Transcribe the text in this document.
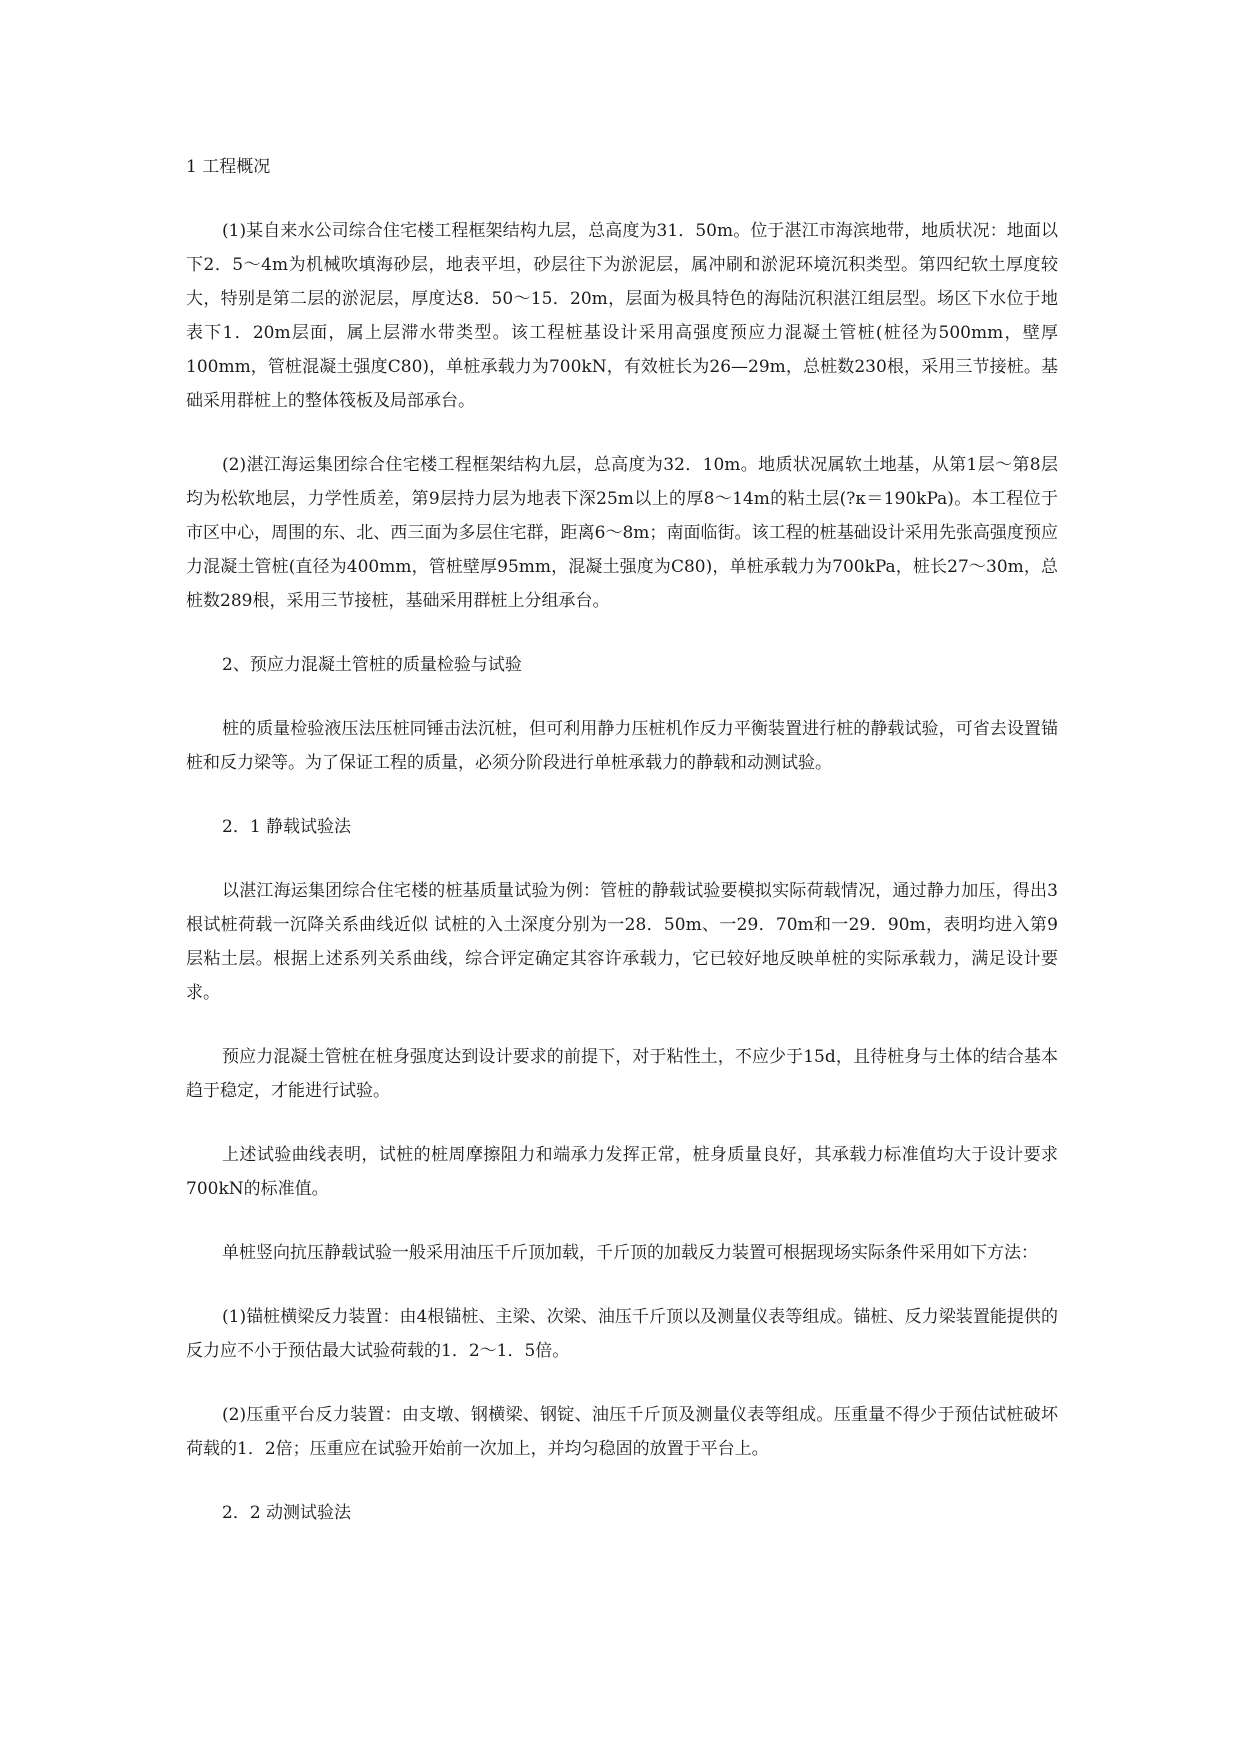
1 工程概况

(1)某自来水公司综合住宅楼工程框架结构九层，总高度为31．50m。位于湛江市海滨地带，地质状况：地面以下2．5～4m为机械吹填海砂层，地表平坦，砂层往下为淤泥层，属冲刷和淤泥环境沉积类型。第四纪软土厚度较大，特别是第二层的淤泥层，厚度达8．50～15．20m，层面为极具特色的海陆沉积湛江组层型。场区下水位于地表下1．20m层面，属上层滞水带类型。该工程桩基设计采用高强度预应力混凝土管桩(桩径为500mm，壁厚100mm，管桩混凝土强度C80)，单桩承载力为700kN，有效桩长为26—29m，总桩数230根，采用三节接桩。基础采用群桩上的整体筏板及局部承台。

(2)湛江海运集团综合住宅楼工程框架结构九层，总高度为32．10m。地质状况属软土地基，从第1层～第8层均为松软地层，力学性质差，第9层持力层为地表下深25m以上的厚8～14m的粘土层(?κ＝190kPa)。本工程位于市区中心，周围的东、北、西三面为多层住宅群，距离6～8m；南面临街。该工程的桩基础设计采用先张高强度预应力混凝土管桩(直径为400mm，管桩壁厚95mm，混凝土强度为C80)，单桩承载力为700kPa，桩长27～30m，总桩数289根，采用三节接桩，基础采用群桩上分组承台。

2、预应力混凝土管桩的质量检验与试验

桩的质量检验液压法压桩同锤击法沉桩，但可利用静力压桩机作反力平衡装置进行桩的静载试验，可省去设置锚桩和反力梁等。为了保证工程的质量，必须分阶段进行单桩承载力的静载和动测试验。

2．1 静载试验法

以湛江海运集团综合住宅楼的桩基质量试验为例：管桩的静载试验要模拟实际荷载情况，通过静力加压，得出3根试桩荷载一沉降关系曲线近似 试桩的入土深度分别为一28．50m、一29．70m和一29．90m，表明均进入第9层粘土层。根据上述系列关系曲线，综合评定确定其容许承载力，它已较好地反映单桩的实际承载力，满足设计要求。

预应力混凝土管桩在桩身强度达到设计要求的前提下，对于粘性土，不应少于15d，且待桩身与土体的结合基本趋于稳定，才能进行试验。

上述试验曲线表明，试桩的桩周摩擦阻力和端承力发挥正常，桩身质量良好，其承载力标准值均大于设计要求700kN的标准值。

单桩竖向抗压静载试验一般采用油压千斤顶加载，千斤顶的加载反力装置可根据现场实际条件采用如下方法：

(1)锚桩横梁反力装置：由4根锚桩、主梁、次梁、油压千斤顶以及测量仪表等组成。锚桩、反力梁装置能提供的反力应不小于预估最大试验荷载的1．2～1．5倍。

(2)压重平台反力装置：由支墩、钢横梁、钢锭、油压千斤顶及测量仪表等组成。压重量不得少于预估试桩破坏荷载的1．2倍；压重应在试验开始前一次加上，并均匀稳固的放置于平台上。

2．2 动测试验法
